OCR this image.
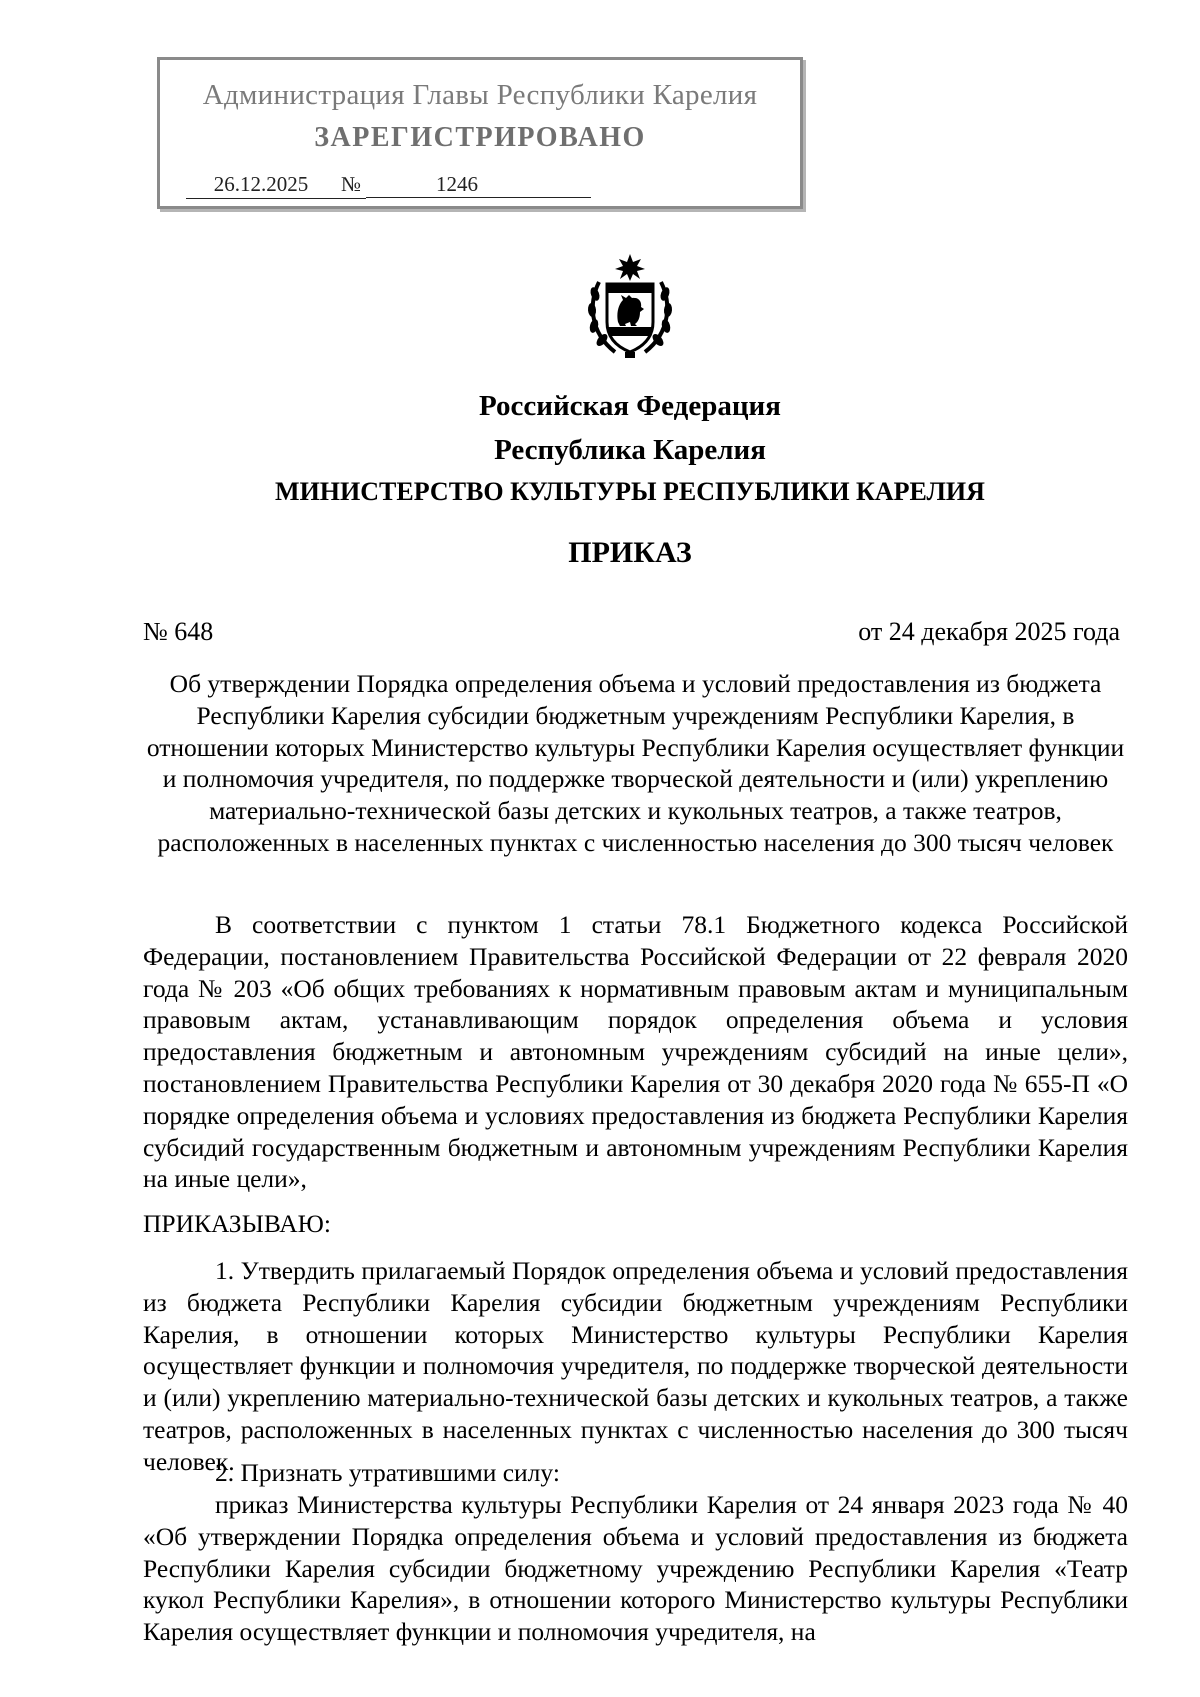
Администрация Главы Республики Карелия
ЗАРЕГИСТРИРОВАНО
26.12.2025	№	1246
Российская Федерация
Республика Карелия
МИНИСТЕРСТВО КУЛЬТУРЫ РЕСПУБЛИКИ КАРЕЛИЯ
ПРИКАЗ
№ 648	от 24 декабря 2025 года
Об утверждении Порядка определения объема и условий предоставления из бюджета Республики Карелия субсидии бюджетным учреждениям Республики Карелия, в отношении которых Министерство культуры Республики Карелия осуществляет функции и полномочия учредителя, по поддержке творческой деятельности и (или) укреплению материально-технической базы детских и кукольных театров, а также театров, расположенных в населенных пунктах с численностью населения до 300 тысяч человек
В соответствии с пунктом 1 статьи 78.1 Бюджетного кодекса Российской Федерации, постановлением Правительства Российской Федерации от 22 февраля 2020 года № 203 «Об общих требованиях к нормативным правовым актам и муниципальным правовым актам, устанавливающим порядок определения объема и условия предоставления бюджетным и автономным учреждениям субсидий на иные цели», постановлением Правительства Республики Карелия от 30 декабря 2020 года № 655-П «О порядке определения объема и условиях предоставления из бюджета Республики Карелия субсидий государственным бюджетным и автономным учреждениям Республики Карелия на иные цели»,
ПРИКАЗЫВАЮ:
1. Утвердить прилагаемый Порядок определения объема и условий предоставления из бюджета Республики Карелия субсидии бюджетным учреждениям Республики Карелия, в отношении которых Министерство культуры Республики Карелия осуществляет функции и полномочия учредителя, по поддержке творческой деятельности и (или) укреплению материально-технической базы детских и кукольных театров, а также театров, расположенных в населенных пунктах с численностью населения до 300 тысяч человек.
2. Признать утратившими силу:
приказ Министерства культуры Республики Карелия от 24 января 2023 года № 40 «Об утверждении Порядка определения объема и условий предоставления из бюджета Республики Карелия субсидии бюджетному учреждению Республики Карелия «Театр кукол Республики Карелия», в отношении которого Министерство культуры Республики Карелия осуществляет функции и полномочия учредителя, на
